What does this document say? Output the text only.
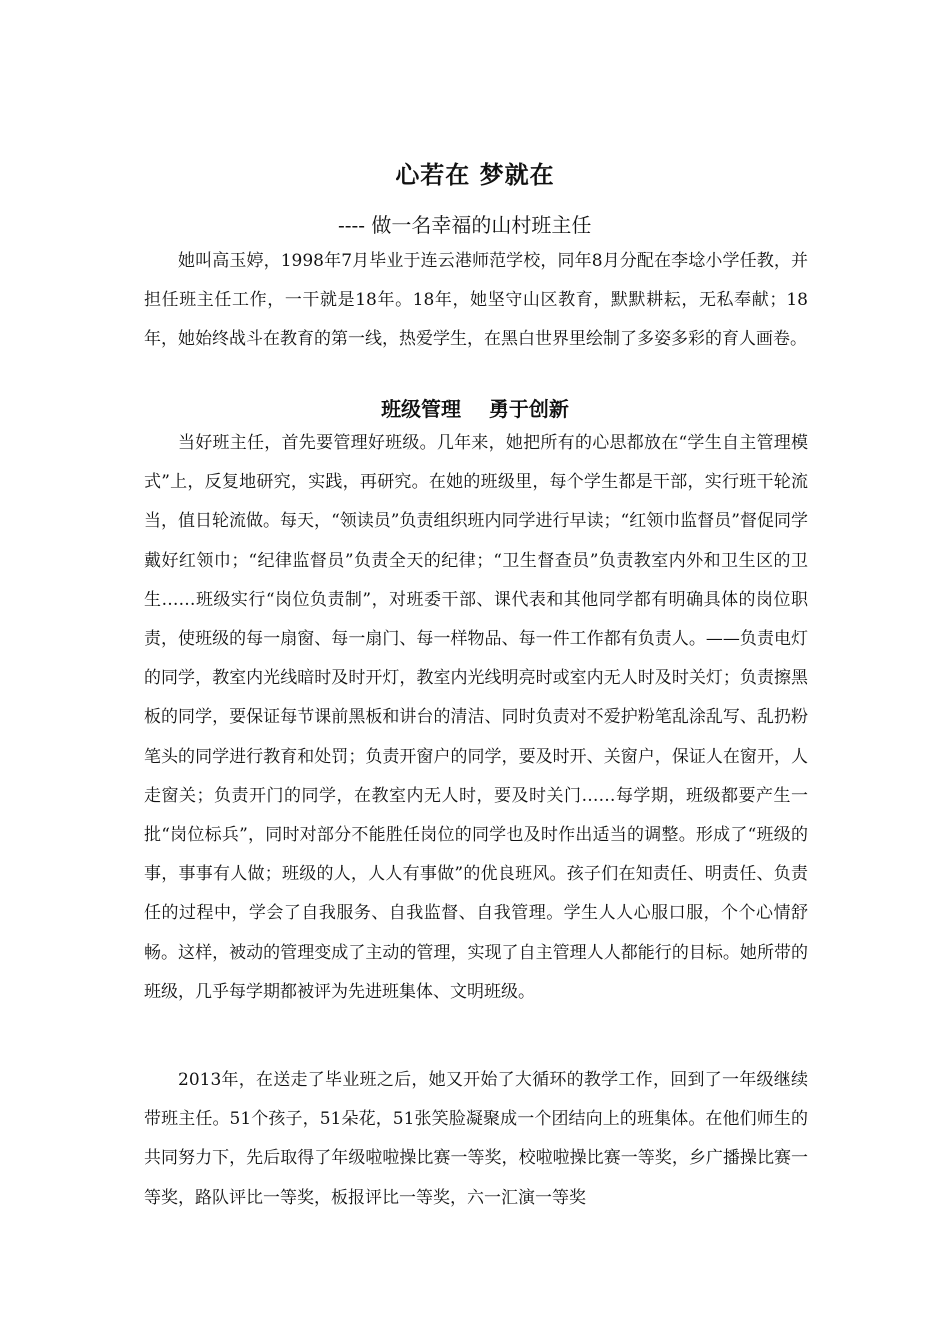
心若在 梦就在
---- 做一名幸福的山村班主任

她叫高玉婷，1998年7月毕业于连云港师范学校，同年8月分配在李埝小学任教，并担任班主任工作，一干就是18年。18年，她坚守山区教育，默默耕耘，无私奉献；18年，她始终战斗在教育的第一线，热爱学生，在黑白世界里绘制了多姿多彩的育人画卷。

班级管理    勇于创新

当好班主任，首先要管理好班级。几年来，她把所有的心思都放在“学生自主管理模式”上，反复地研究，实践，再研究。在她的班级里，每个学生都是干部，实行班干轮流当，值日轮流做。每天，“领读员”负责组织班内同学进行早读；“红领巾监督员”督促同学戴好红领巾；“纪律监督员”负责全天的纪律；“卫生督查员”负责教室内外和卫生区的卫生……班级实行“岗位负责制”，对班委干部、课代表和其他同学都有明确具体的岗位职责，使班级的每一扇窗、每一扇门、每一样物品、每一件工作都有负责人。——负责电灯的同学，教室内光线暗时及时开灯，教室内光线明亮时或室内无人时及时关灯；负责擦黑板的同学，要保证每节课前黑板和讲台的清洁、同时负责对不爱护粉笔乱涂乱写、乱扔粉笔头的同学进行教育和处罚；负责开窗户的同学，要及时开、关窗户，保证人在窗开，人走窗关；负责开门的同学，在教室内无人时，要及时关门……每学期，班级都要产生一批“岗位标兵”，同时对部分不能胜任岗位的同学也及时作出适当的调整。形成了“班级的事，事事有人做；班级的人，人人有事做”的优良班风。孩子们在知责任、明责任、负责任的过程中，学会了自我服务、自我监督、自我管理。学生人人心服口服，个个心情舒畅。这样，被动的管理变成了主动的管理，实现了自主管理人人都能行的目标。她所带的班级，几乎每学期都被评为先进班集体、文明班级。

2013年，在送走了毕业班之后，她又开始了大循环的教学工作，回到了一年级继续带班主任。51个孩子，51朵花，51张笑脸凝聚成一个团结向上的班集体。在他们师生的共同努力下，先后取得了年级啦啦操比赛一等奖，校啦啦操比赛一等奖，乡广播操比赛一等奖，路队评比一等奖，板报评比一等奖，六一汇演一等奖
